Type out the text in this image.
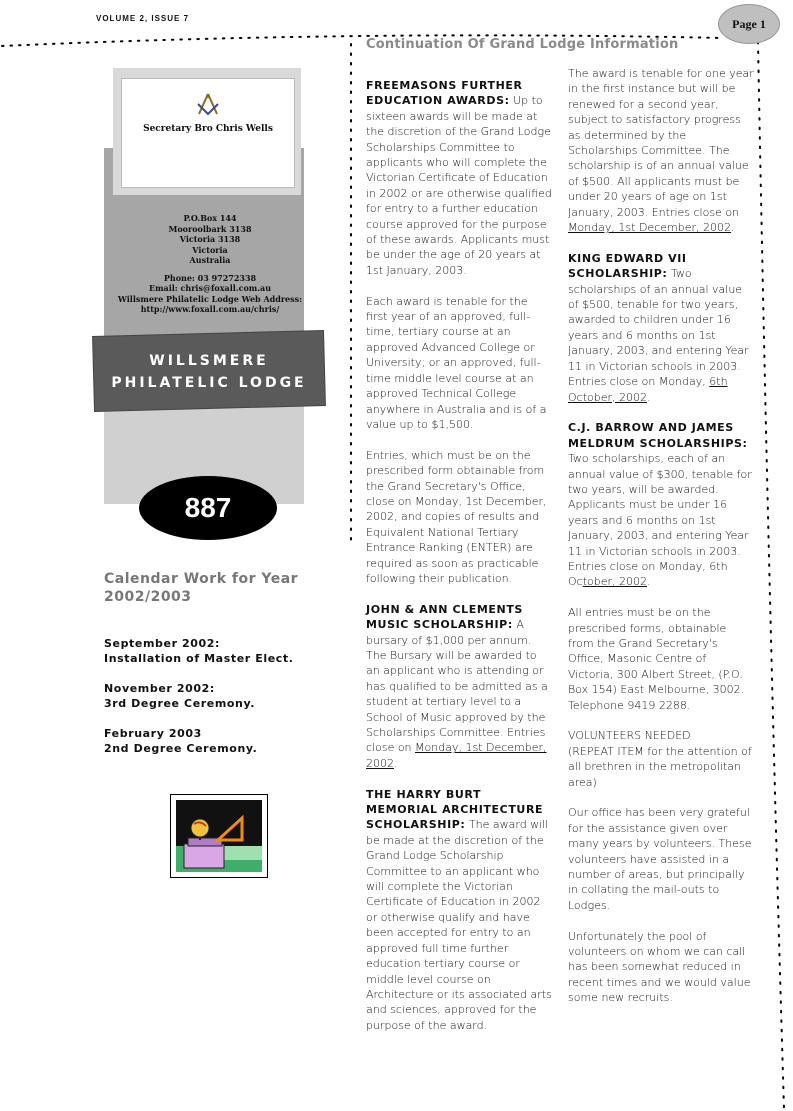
VOLUME 2, ISSUE 7	Page 1
Continuation Of Grand Lodge Information
Secretary Bro Chris Wells
P.O.Box 144
Mooroolbark 3138
Victoria 3138
Victoria
Australia
Phone: 03 97272338
Email: chris@foxall.com.au
Willsmere Philatelic Lodge Web Address:
http://www.foxall.com.au/chris/
WILLSMERE
PHILATELIC LODGE
887
Calendar Work for Year 2002/2003

September 2002:
Installation of Master Elect.

November 2002:
3rd Degree Ceremony.

February 2003
2nd Degree Ceremony.

FREEMASONS FURTHER EDUCATION AWARDS: Up to sixteen awards will be made at the discretion of the Grand Lodge Scholarships Committee to applicants who will complete the Victorian Certificate of Education in 2002 or are otherwise qualified for entry to a further education course approved for the purpose of these awards. Applicants must be under the age of 20 years at 1st January, 2003.

Each award is tenable for the first year of an approved, full-time, tertiary course at an approved Advanced College or University; or an approved, full-time middle level course at an approved Technical College anywhere in Australia and is of a value up to $1,500.

Entries, which must be on the prescribed form obtainable from the Grand Secretary's Office, close on Monday, 1st December, 2002, and copies of results and Equivalent National Tertiary Entrance Ranking (ENTER) are required as soon as practicable following their publication.

JOHN & ANN CLEMENTS MUSIC SCHOLARSHIP: A bursary of $1,000 per annum. The Bursary will be awarded to an applicant who is attending or has qualified to be admitted as a student at tertiary level to a School of Music approved by the Scholarships Committee. Entries close on Monday, 1st December, 2002.

THE HARRY BURT MEMORIAL ARCHITECTURE SCHOLARSHIP: The award will be made at the discretion of the Grand Lodge Scholarship Committee to an applicant who will complete the Victorian Certificate of Education in 2002 or otherwise qualify and have been accepted for entry to an approved full time further education tertiary course or middle level course on Architecture or its associated arts and sciences, approved for the purpose of the award.

The award is tenable for one year in the first instance but will be renewed for a second year, subject to satisfactory progress as determined by the Scholarships Committee. The scholarship is of an annual value of $500. All applicants must be under 20 years of age on 1st January, 2003. Entries close on Monday, 1st December, 2002.

KING EDWARD VII SCHOLARSHIP: Two scholarships of an annual value of $500, tenable for two years, awarded to children under 16 years and 6 months on 1st January, 2003, and entering Year 11 in Victorian schools in 2003. Entries close on Monday, 6th October, 2002.

C.J. BARROW AND JAMES MELDRUM SCHOLARSHIPS: Two scholarships, each of an annual value of $300, tenable for two years, will be awarded. Applicants must be under 16 years and 6 months on 1st January, 2003, and entering Year 11 in Victorian schools in 2003. Entries close on Monday, 6th October, 2002.

All entries must be on the prescribed forms, obtainable from the Grand Secretary's Office, Masonic Centre of Victoria, 300 Albert Street, (P.O. Box 154) East Melbourne, 3002. Telephone 9419 2288.

VOLUNTEERS NEEDED
(REPEAT ITEM for the attention of all brethren in the metropolitan area)

Our office has been very grateful for the assistance given over many years by volunteers. These volunteers have assisted in a number of areas, but principally in collating the mail-outs to Lodges.

Unfortunately the pool of volunteers on whom we can call has been somewhat reduced in recent times and we would value some new recruits.
